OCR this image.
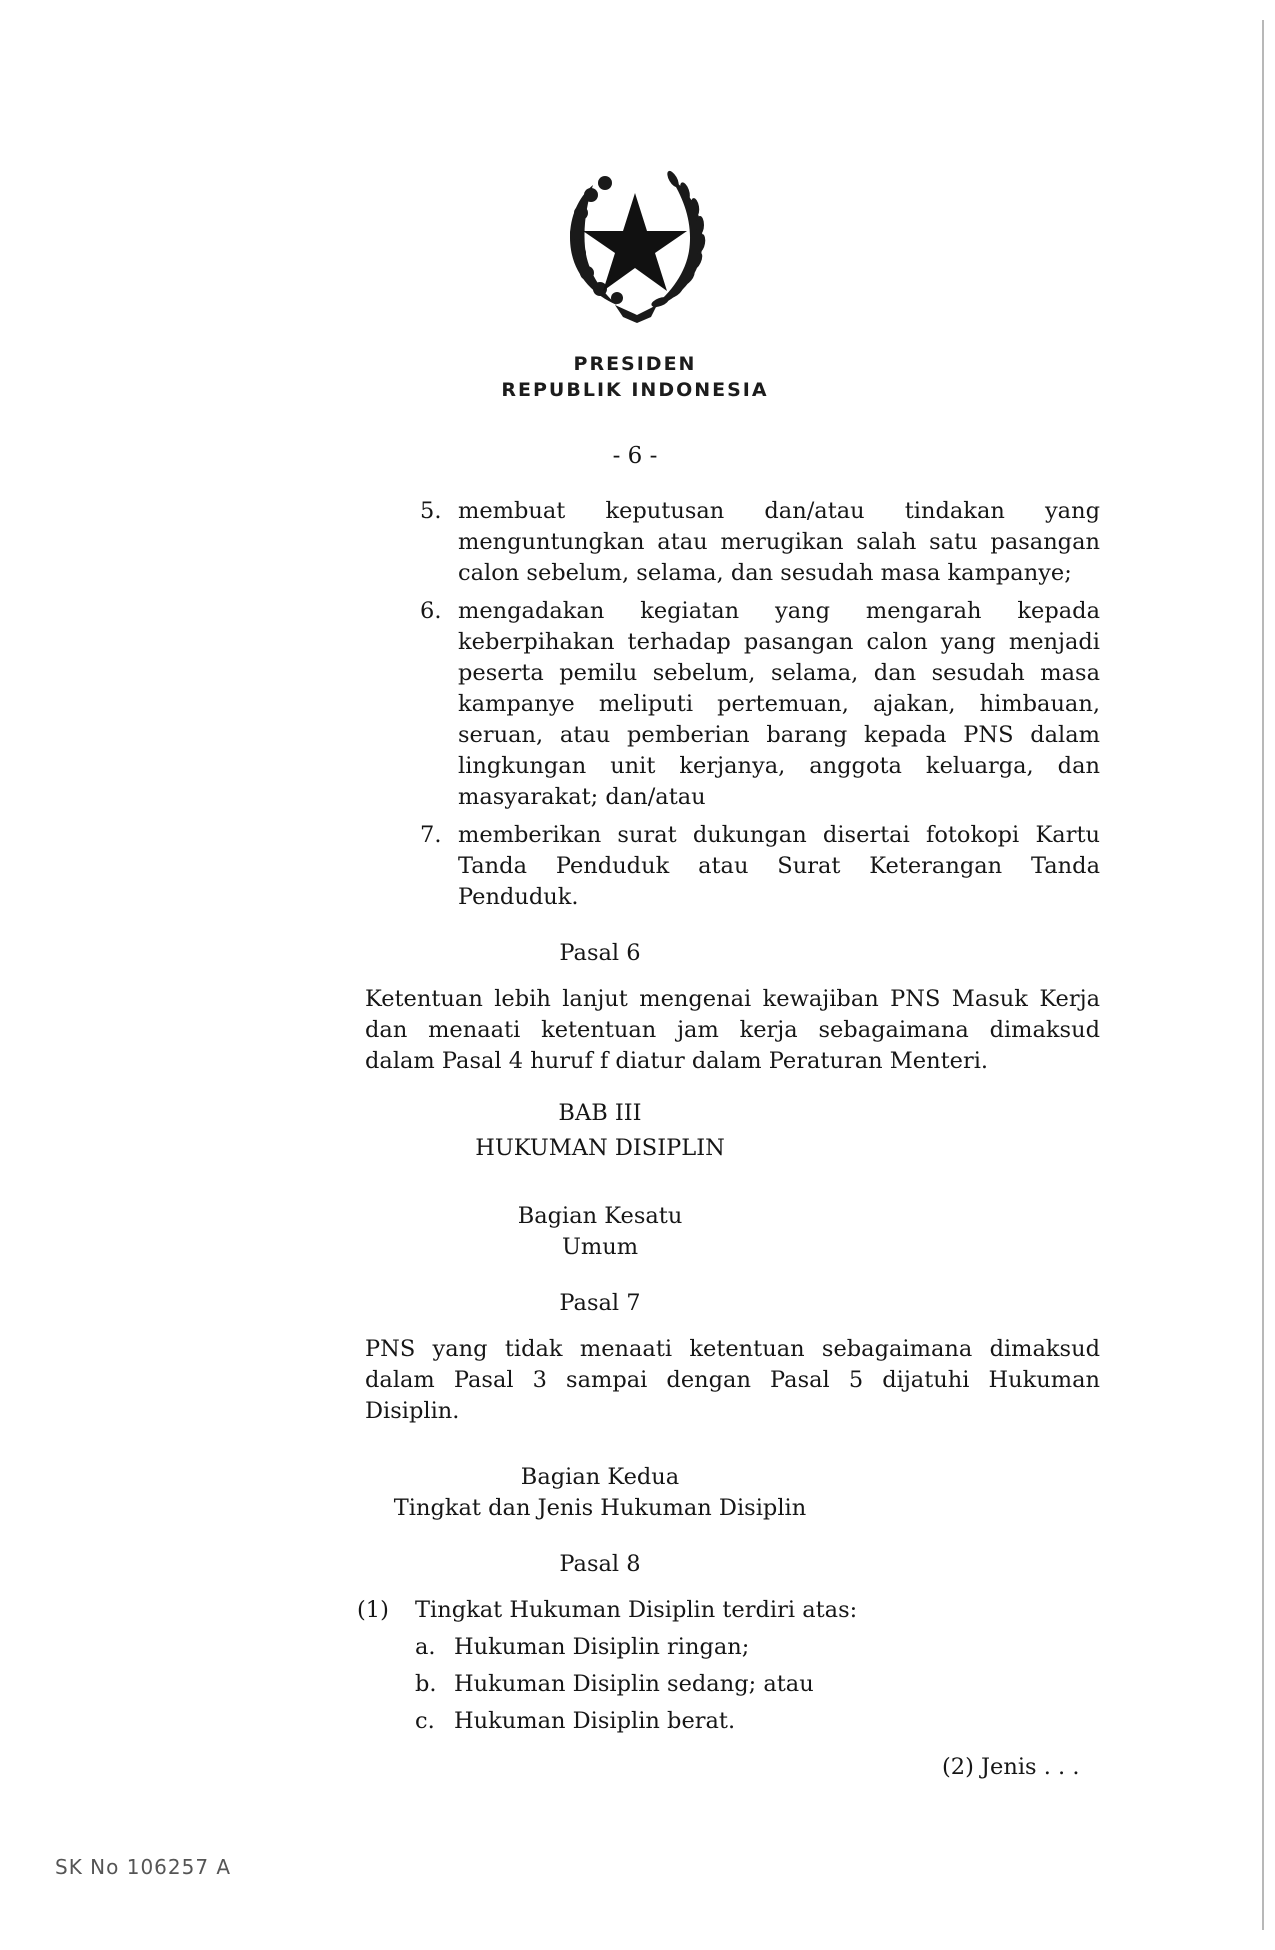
PRESIDEN
REPUBLIK INDONESIA
- 6 -
5. membuat keputusan dan/atau tindakan yang
menguntungkan atau merugikan salah satu pasangan
calon sebelum, selama, dan sesudah masa kampanye;
6. mengadakan kegiatan yang mengarah kepada
keberpihakan terhadap pasangan calon yang menjadi
peserta pemilu sebelum, selama, dan sesudah masa
kampanye meliputi pertemuan, ajakan, himbauan,
seruan, atau pemberian barang kepada PNS dalam
lingkungan unit kerjanya, anggota keluarga, dan
masyarakat; dan/atau
7. memberikan surat dukungan disertai fotokopi Kartu
Tanda Penduduk atau Surat Keterangan Tanda
Penduduk.
Pasal 6
Ketentuan lebih lanjut mengenai kewajiban PNS Masuk Kerja
dan menaati ketentuan jam kerja sebagaimana dimaksud
dalam Pasal 4 huruf f diatur dalam Peraturan Menteri.
BAB III
HUKUMAN DISIPLIN
Bagian Kesatu
Umum
Pasal 7
PNS yang tidak menaati ketentuan sebagaimana dimaksud
dalam Pasal 3 sampai dengan Pasal 5 dijatuhi Hukuman
Disiplin.
Bagian Kedua
Tingkat dan Jenis Hukuman Disiplin
Pasal 8
(1) Tingkat Hukuman Disiplin terdiri atas:
a. Hukuman Disiplin ringan;
b. Hukuman Disiplin sedang; atau
c. Hukuman Disiplin berat.
(2) Jenis . . .
SK No 106257 A
